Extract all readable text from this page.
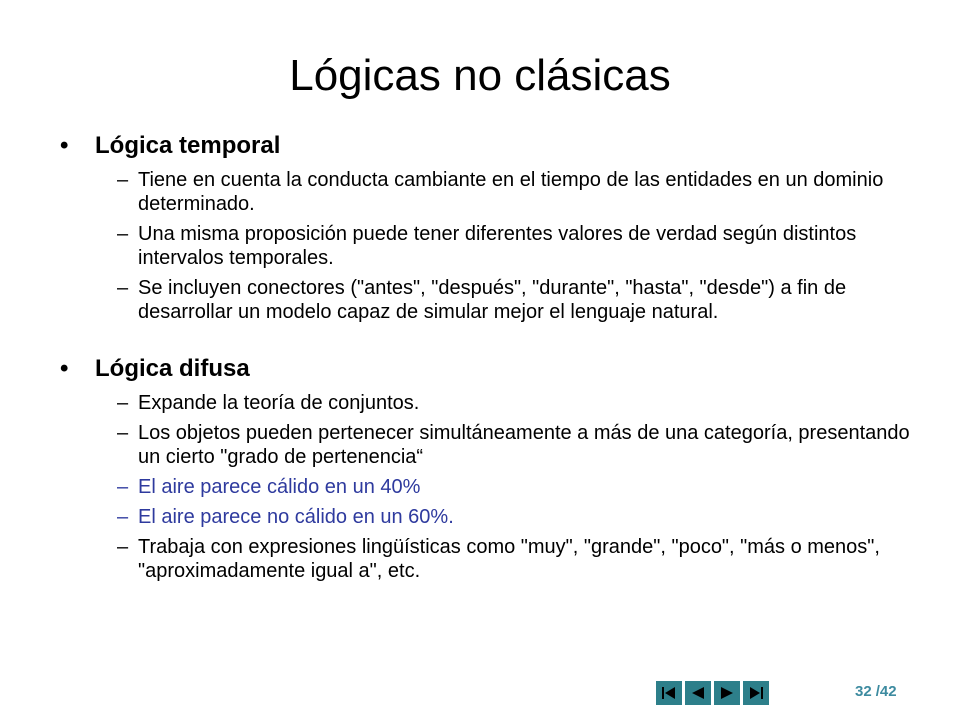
Lógicas no clásicas
•	Lógica temporal
– Tiene en cuenta la conducta cambiante en el tiempo de las entidades en un dominio determinado.
– Una misma proposición puede tener diferentes valores de verdad según distintos intervalos temporales.
– Se incluyen conectores ("antes", "después", "durante", "hasta", "desde") a fin de desarrollar un modelo capaz de simular mejor el lenguaje natural.
•	Lógica difusa
– Expande la teoría de conjuntos.
– Los objetos pueden pertenecer simultáneamente a más de una categoría, presentando un cierto "grado de pertenencia“
– El aire parece cálido en un 40%
– El aire parece no cálido en un 60%.
– Trabaja con expresiones lingüísticas como "muy", "grande", "poco", "más o menos", "aproximadamente igual a", etc.
32 /42
